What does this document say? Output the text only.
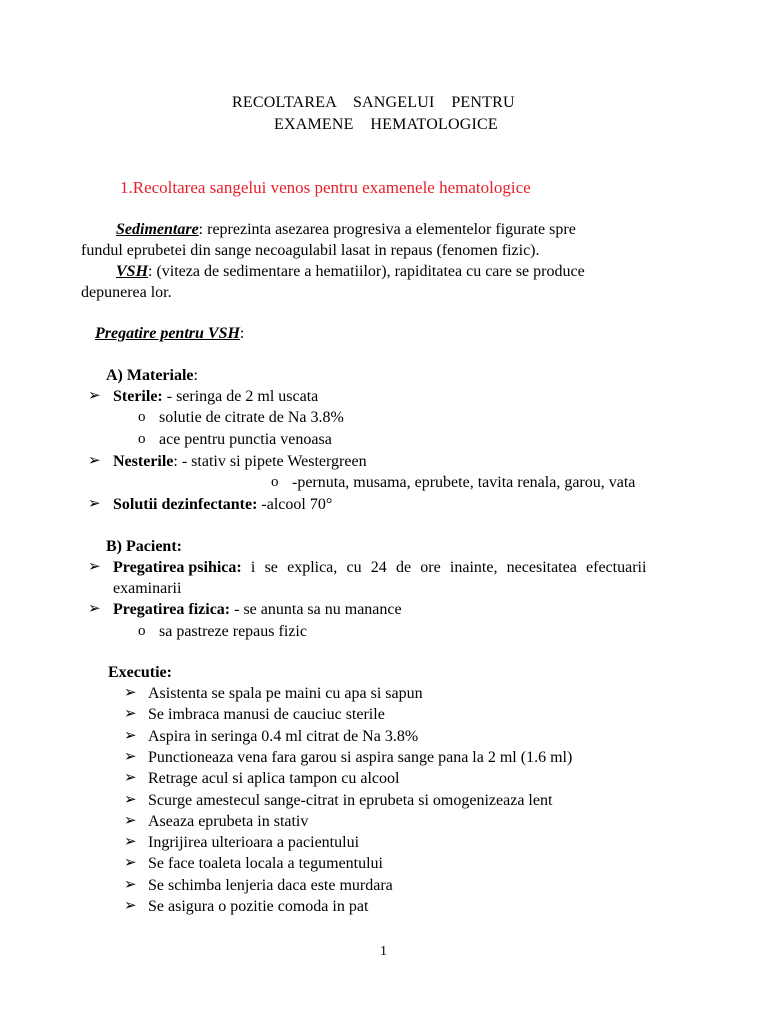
RECOLTAREA    SANGELUI    PENTRU
EXAMENE    HEMATOLOGICE
1.Recoltarea sangelui venos pentru examenele hematologice
Sedimentare: reprezinta asezarea progresiva a elementelor figurate spre
fundul eprubetei din sange necoagulabil lasat in repaus (fenomen fizic).
VSH: (viteza de sedimentare a hematiilor), rapiditatea cu care se produce
depunerea lor.
Pregatire pentru VSH:
A) Materiale:
➢ Sterile: - seringa de 2 ml uscata
o solutie de citrate de Na 3.8%
o ace pentru punctia venoasa
➢ Nesterile: - stativ si pipete Westergreen
o -pernuta, musama, eprubete, tavita renala, garou, vata
➢ Solutii dezinfectante: -alcool 70°
B) Pacient:
➢ Pregatirea psihica: i se explica, cu 24 de ore inainte, necesitatea efectuarii
examinarii
➢ Pregatirea fizica: - se anunta sa nu manance
o sa pastreze repaus fizic
Executie:
➢ Asistenta se spala pe maini cu apa si sapun
➢ Se imbraca manusi de cauciuc sterile
➢ Aspira in seringa 0.4 ml citrat de Na 3.8%
➢ Punctioneaza vena fara garou si aspira sange pana la 2 ml (1.6 ml)
➢ Retrage acul si aplica tampon cu alcool
➢ Scurge amestecul sange-citrat in eprubeta si omogenizeaza lent
➢ Aseaza eprubeta in stativ
➢ Ingrijirea ulterioara a pacientului
➢ Se face toaleta locala a tegumentului
➢ Se schimba lenjeria daca este murdara
➢ Se asigura o pozitie comoda in pat
1
